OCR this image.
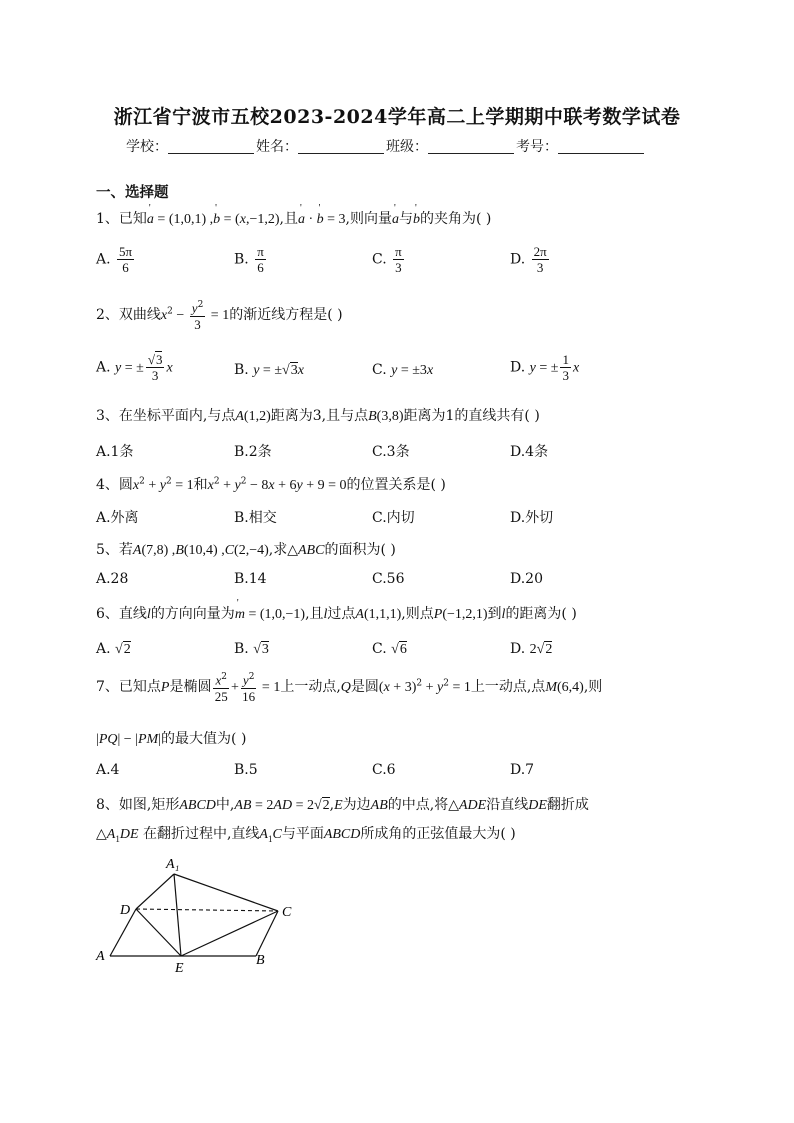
浙江省宁波市五校2023-2024学年高二上学期期中联考数学试卷
学校：	姓名：	班级：	考号：
一、选择题
1、已知' a = (1,0,1) ,' b = (x,−1,2),且' a · ' b = 3,则向量' a与' b的夹角为( )
A. $\frac{5\pi}{6}$	B. $\frac{\pi}{6}$	C. $\frac{\pi}{3}$	D. $\frac{2\pi}{3}$
2、双曲线$x^2 - \frac{y^2}{3} = 1$的渐近线方程是( )
A. y = ± $\frac{√3}{3}$ x	B. y = ±√3x	C. y = ±3x	D. y = ± $\frac{1}{3}$ x
3、在坐标平面内,与点A(1,2)距离为3,且与点B(3,8)距离为1的直线共有( )
A.1条	B.2条	C.3条	D.4条
4、圆$x^2 + y^2 = 1$和$x^2 + y^2 - 8x + 6y + 9 = 0$的位置关系是( )
A.外离	B.相交	C.内切	D.外切
5、若A(7,8) ,B(10,4) ,C(2,−4),求△ABC的面积为( )
A.28	B.14	C.56	D.20
6、直线l的方向向量为' m = (1,0,−1),且l过点A(1,1,1),则点P(−1,2,1)到l的距离为( )
A. √2	B. √3	C. √6	D. 2√2
7、已知点P是椭圆 $\frac{x^2}{25} + \frac{y^2}{16} = 1$上一动点,Q是圆$(x + 3)^2 + y^2 = 1$上一动点,点M(6,4),则
|PQ| − |PM|的最大值为( )
A.4	B.5	C.6	D.7
8、如图,矩形ABCD中,AB = 2AD = 2√2,E为边AB的中点,将△ADE沿直线DE翻折成
$\triangle A_1DE$ 在翻折过程中,直线$A_1C$与平面ABCD所成角的正弦值最大为( )
A₁
D	C
A
E
B
